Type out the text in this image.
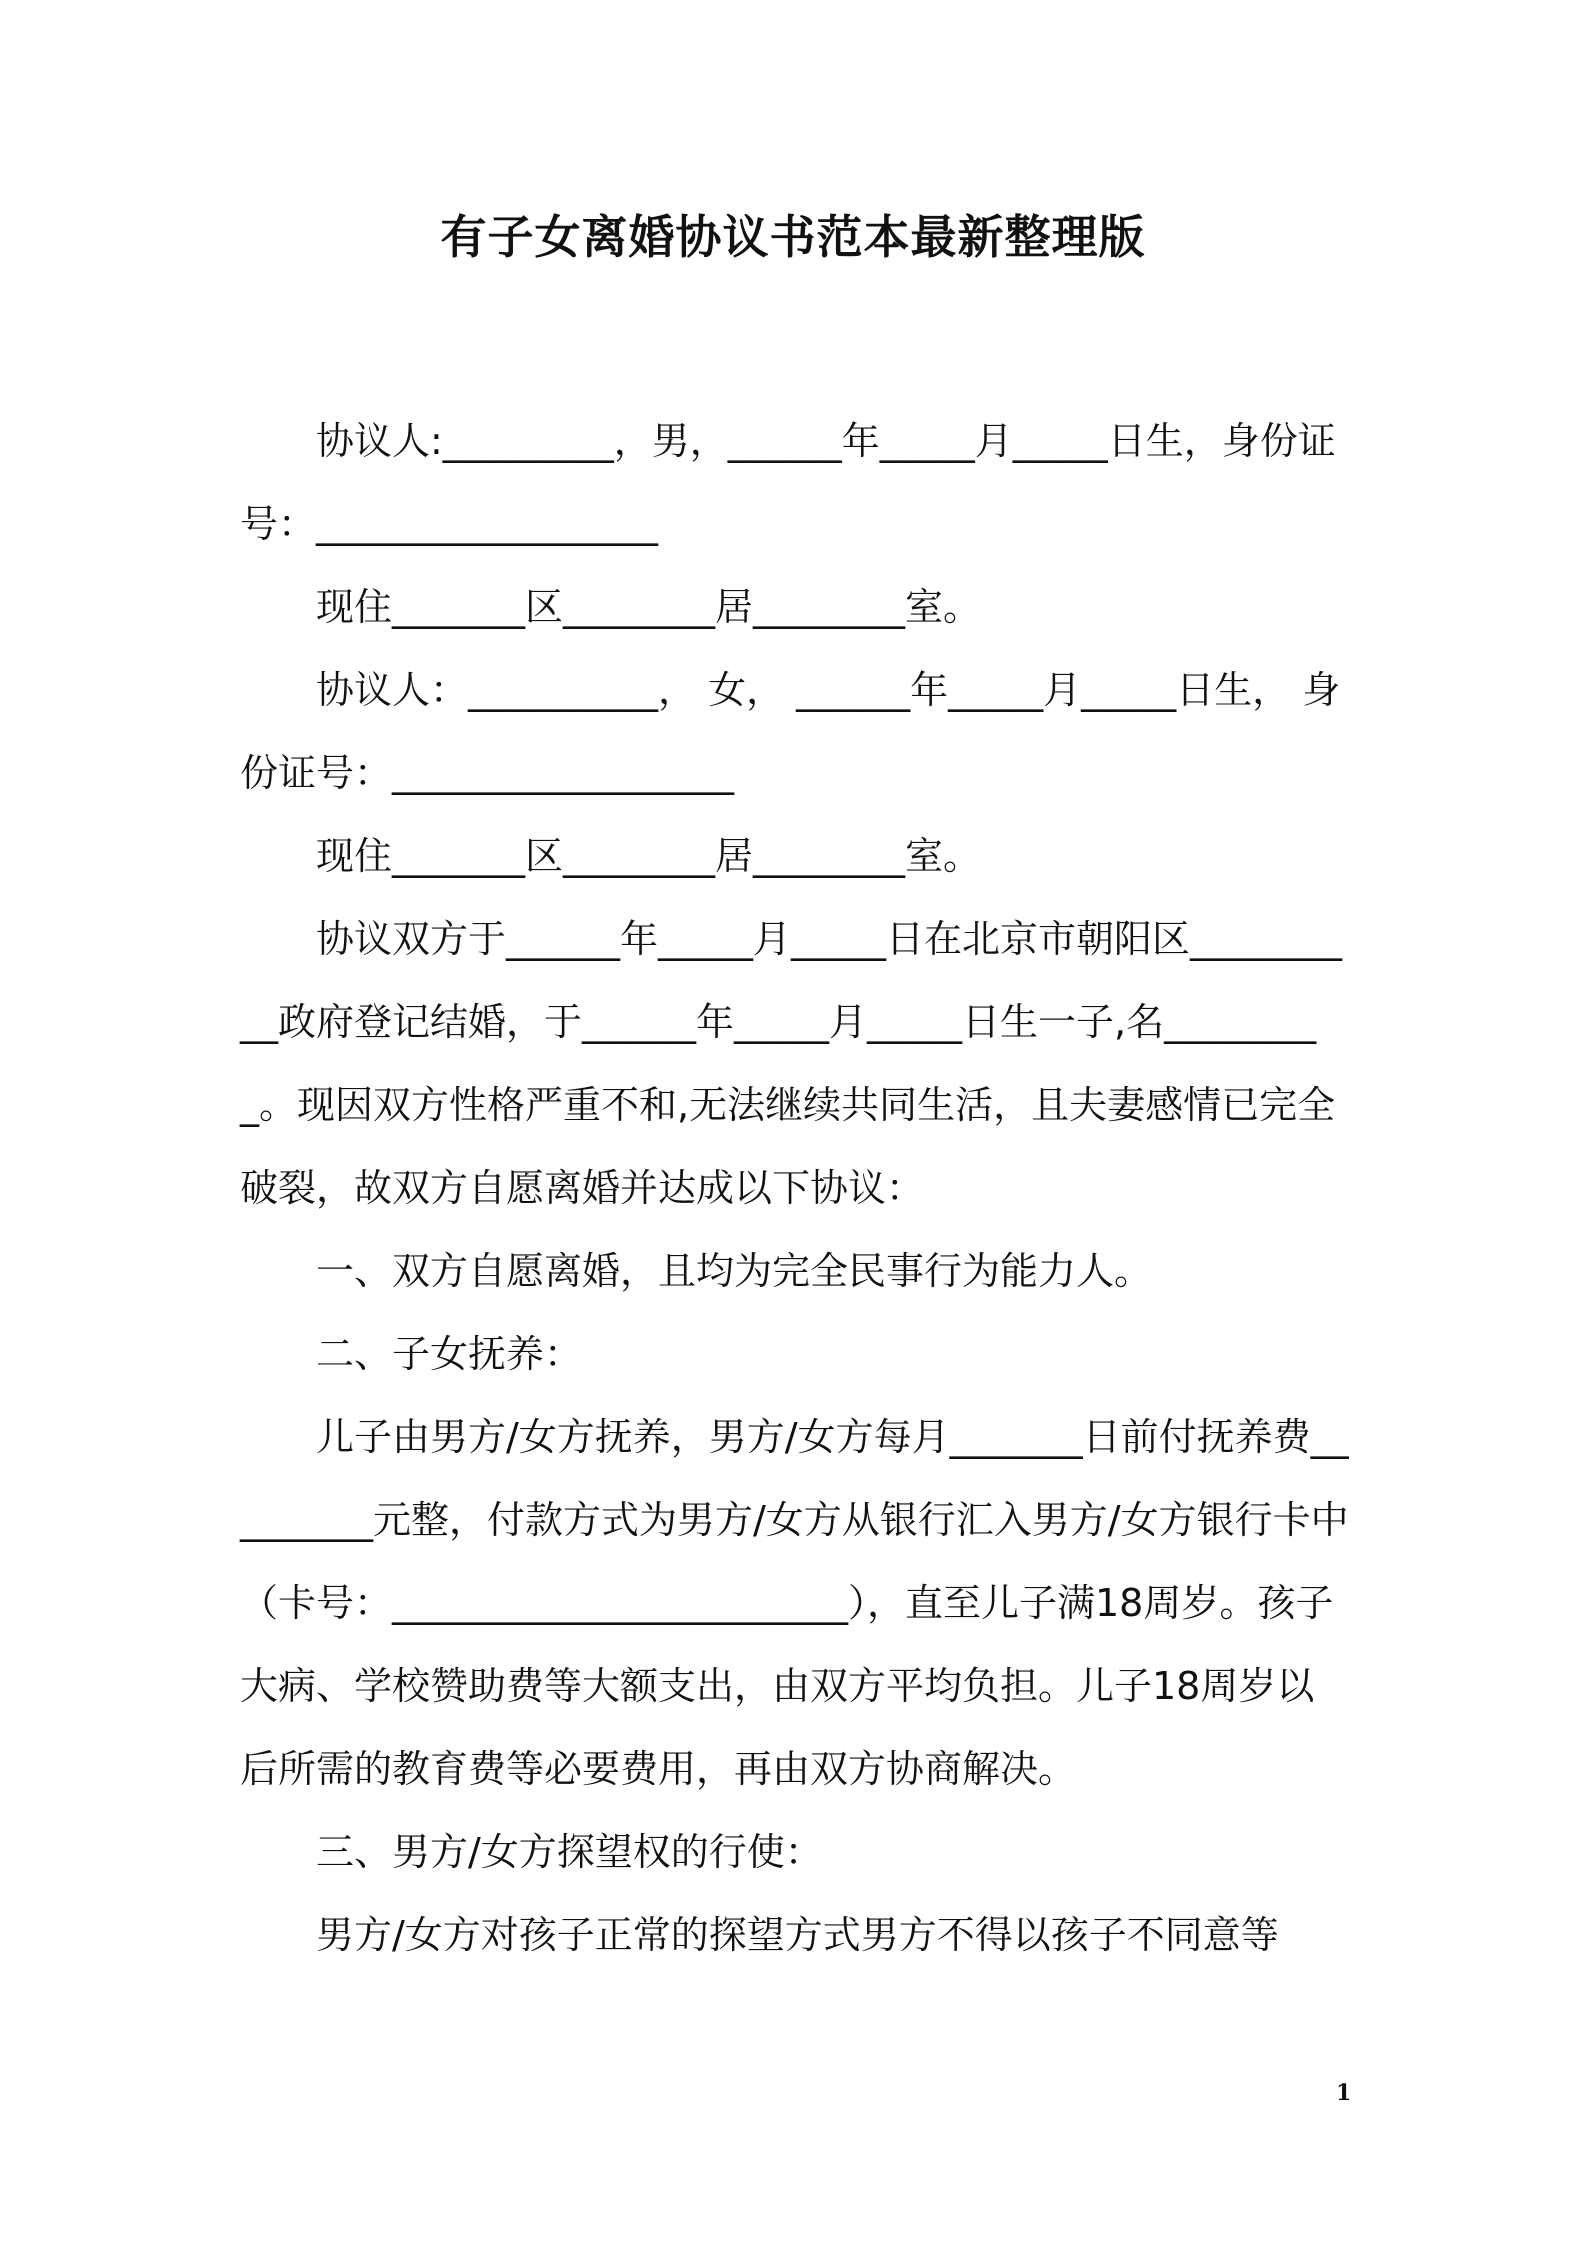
有子女离婚协议书范本最新整理版

协议人:_________，男，______年_____月_____日生，身份证号：__________________

现住_______区________居________室。

协议人：__________， 女， ______年_____月_____日生， 身份证号：__________________

现住_______区________居________室。

协议双方于______年_____月_____日在北京市朝阳区__________政府登记结婚，于______年_____月_____日生一子,名_________。现因双方性格严重不和,无法继续共同生活，且夫妻感情已完全破裂，故双方自愿离婚并达成以下协议：

一、双方自愿离婚，且均为完全民事行为能力人。

二、子女抚养：

儿子由男方/女方抚养，男方/女方每月_______日前付抚养费_________元整，付款方式为男方/女方从银行汇入男方/女方银行卡中（卡号：________________________），直至儿子满18周岁。孩子大病、学校赞助费等大额支出，由双方平均负担。儿子18周岁以后所需的教育费等必要费用，再由双方协商解决。

三、男方/女方探望权的行使：

男方/女方对孩子正常的探望方式男方不得以孩子不同意等

1
